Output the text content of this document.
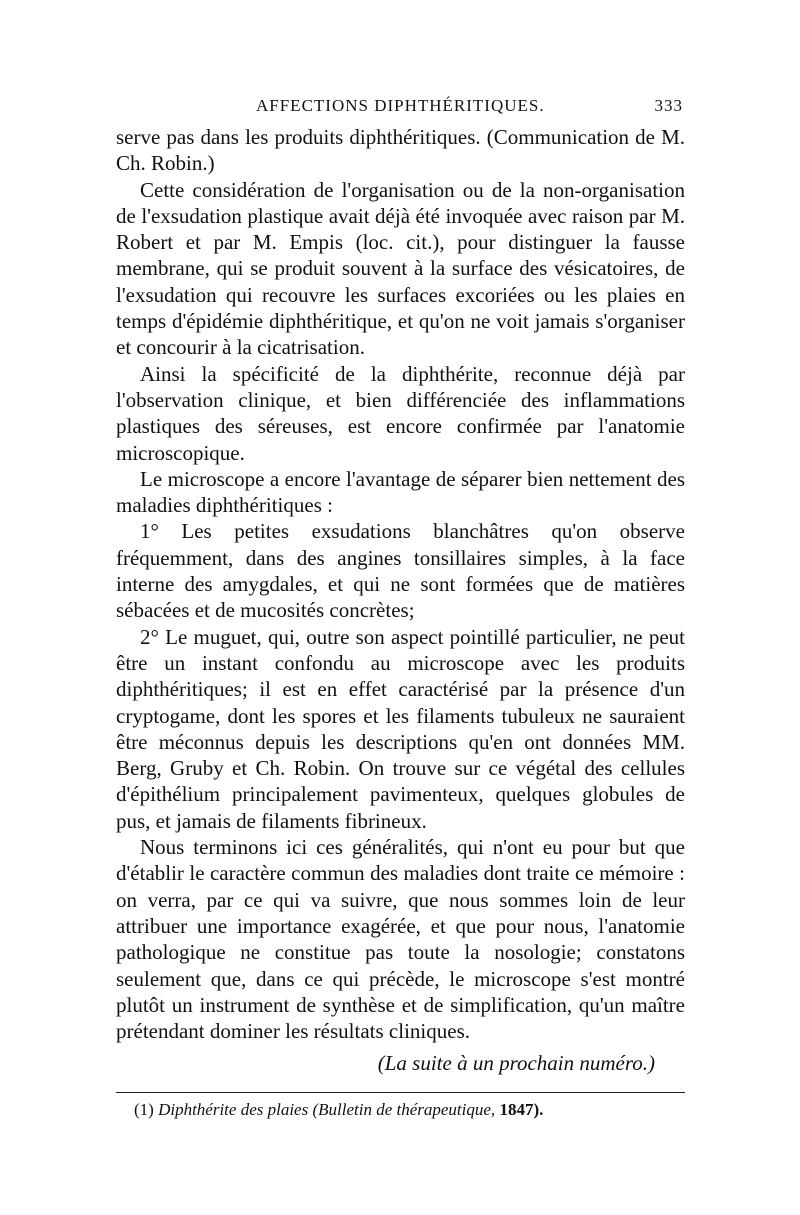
AFFECTIONS DIPHTHÉRITIQUES.	333

serve pas dans les produits diphthéritiques. (Communication de M. Ch. Robin.)

Cette considération de l'organisation ou de la non-organisation de l'exsudation plastique avait déjà été invoquée avec raison par M. Robert et par M. Empis (loc. cit.), pour distinguer la fausse membrane, qui se produit souvent à la surface des vésicatoires, de l'exsudation qui recouvre les surfaces excoriées ou les plaies en temps d'épidémie diphthéritique, et qu'on ne voit jamais s'organiser et concourir à la cicatrisation.

Ainsi la spécificité de la diphthérite, reconnue déjà par l'observation clinique, et bien différenciée des inflammations plastiques des séreuses, est encore confirmée par l'anatomie microscopique.

Le microscope a encore l'avantage de séparer bien nettement des maladies diphthéritiques :

1° Les petites exsudations blanchâtres qu'on observe fréquemment, dans des angines tonsillaires simples, à la face interne des amygdales, et qui ne sont formées que de matières sébacées et de mucosités concrètes;

2° Le muguet, qui, outre son aspect pointillé particulier, ne peut être un instant confondu au microscope avec les produits diphthéritiques; il est en effet caractérisé par la présence d'un cryptogame, dont les spores et les filaments tubuleux ne sauraient être méconnus depuis les descriptions qu'en ont données MM. Berg, Gruby et Ch. Robin. On trouve sur ce végétal des cellules d'épithélium principalement pavimenteux, quelques globules de pus, et jamais de filaments fibrineux.

Nous terminons ici ces généralités, qui n'ont eu pour but que d'établir le caractère commun des maladies dont traite ce mémoire : on verra, par ce qui va suivre, que nous sommes loin de leur attribuer une importance exagérée, et que pour nous, l'anatomie pathologique ne constitue pas toute la nosologie; constatons seulement que, dans ce qui précède, le microscope s'est montré plutôt un instrument de synthèse et de simplification, qu'un maître prétendant dominer les résultats cliniques.

(La suite à un prochain numéro.)
(1) Diphthérite des plaies (Bulletin de thérapeutique, 1847).
